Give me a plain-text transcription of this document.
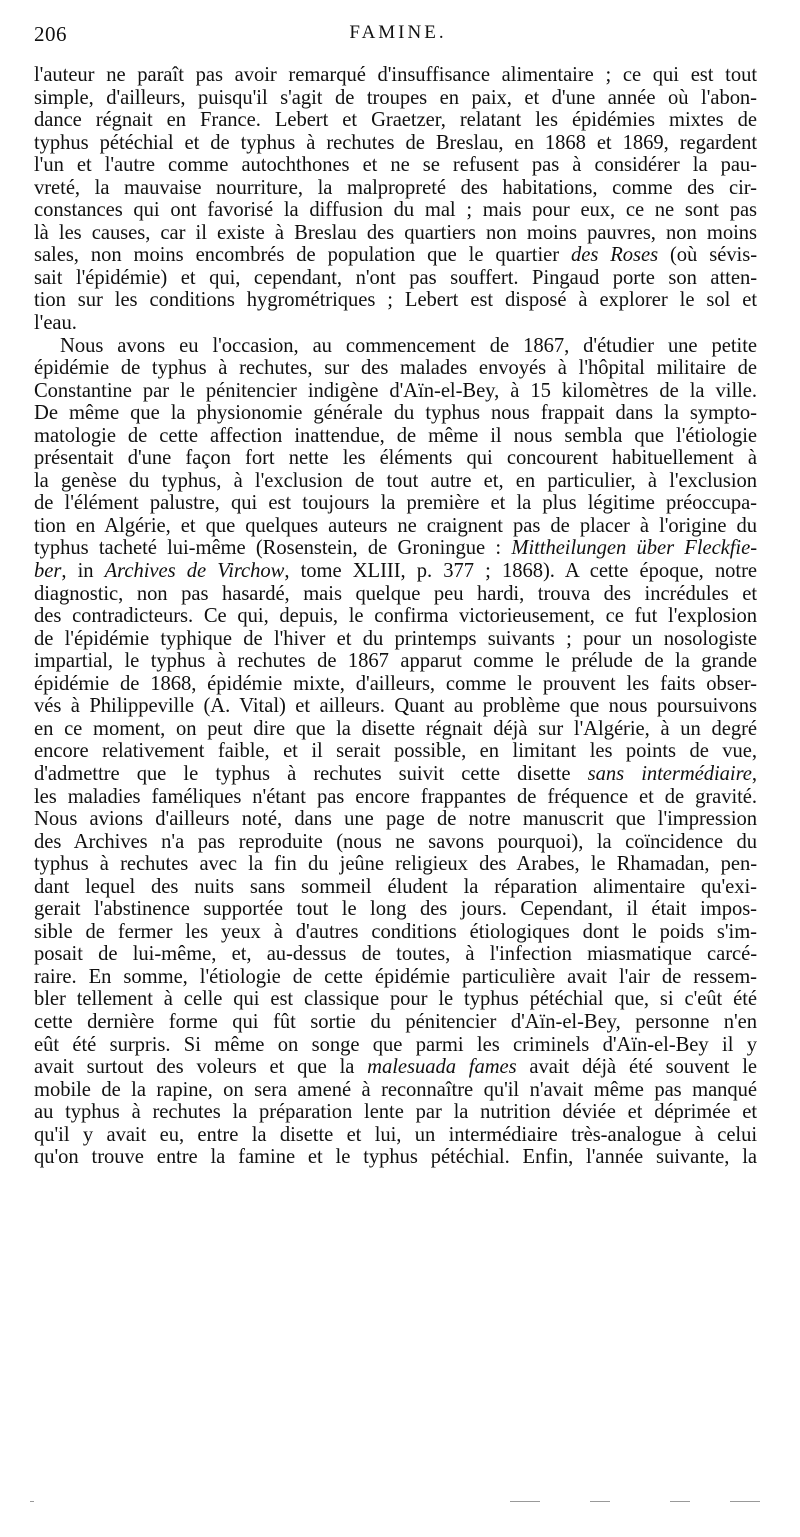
206	FAMINE.
l'auteur ne paraît pas avoir remarqué d'insuffisance alimentaire ; ce qui est tout
simple, d'ailleurs, puisqu'il s'agit de troupes en paix, et d'une année où l'abon-
dance régnait en France. Lebert et Graetzer, relatant les épidémies mixtes de
typhus pétéchial et de typhus à rechutes de Breslau, en 1868 et 1869, regardent
l'un et l'autre comme autochthones et ne se refusent pas à considérer la pau-
vreté, la mauvaise nourriture, la malpropreté des habitations, comme des cir-
constances qui ont favorisé la diffusion du mal ; mais pour eux, ce ne sont pas
là les causes, car il existe à Breslau des quartiers non moins pauvres, non moins
sales, non moins encombrés de population que le quartier des Roses (où sévis-
sait l'épidémie) et qui, cependant, n'ont pas souffert. Pingaud porte son atten-
tion sur les conditions hygrométriques ; Lebert est disposé à explorer le sol et
l'eau.
Nous avons eu l'occasion, au commencement de 1867, d'étudier une petite
épidémie de typhus à rechutes, sur des malades envoyés à l'hôpital militaire de
Constantine par le pénitencier indigène d'Aïn-el-Bey, à 15 kilomètres de la ville.
De même que la physionomie générale du typhus nous frappait dans la sympto-
matologie de cette affection inattendue, de même il nous sembla que l'étiologie
présentait d'une façon fort nette les éléments qui concourent habituellement à
la genèse du typhus, à l'exclusion de tout autre et, en particulier, à l'exclusion
de l'élément palustre, qui est toujours la première et la plus légitime préoccupa-
tion en Algérie, et que quelques auteurs ne craignent pas de placer à l'origine du
typhus tacheté lui-même (Rosenstein, de Groningue : Mittheilungen über Fleckfie-
ber, in Archives de Virchow, tome XLIII, p. 377 ; 1868). A cette époque, notre
diagnostic, non pas hasardé, mais quelque peu hardi, trouva des incrédules et
des contradicteurs. Ce qui, depuis, le confirma victorieusement, ce fut l'explosion
de l'épidémie typhique de l'hiver et du printemps suivants ; pour un nosologiste
impartial, le typhus à rechutes de 1867 apparut comme le prélude de la grande
épidémie de 1868, épidémie mixte, d'ailleurs, comme le prouvent les faits obser-
vés à Philippeville (A. Vital) et ailleurs. Quant au problème que nous poursuivons
en ce moment, on peut dire que la disette régnait déjà sur l'Algérie, à un degré
encore relativement faible, et il serait possible, en limitant les points de vue,
d'admettre que le typhus à rechutes suivit cette disette sans intermédiaire,
les maladies faméliques n'étant pas encore frappantes de fréquence et de gravité.
Nous avions d'ailleurs noté, dans une page de notre manuscrit que l'impression
des Archives n'a pas reproduite (nous ne savons pourquoi), la coïncidence du
typhus à rechutes avec la fin du jeûne religieux des Arabes, le Rhamadan, pen-
dant lequel des nuits sans sommeil éludent la réparation alimentaire qu'exi-
gerait l'abstinence supportée tout le long des jours. Cependant, il était impos-
sible de fermer les yeux à d'autres conditions étiologiques dont le poids s'im-
posait de lui-même, et, au-dessus de toutes, à l'infection miasmatique carcé-
raire. En somme, l'étiologie de cette épidémie particulière avait l'air de ressem-
bler tellement à celle qui est classique pour le typhus pétéchial que, si c'eût été
cette dernière forme qui fût sortie du pénitencier d'Aïn-el-Bey, personne n'en
eût été surpris. Si même on songe que parmi les criminels d'Aïn-el-Bey il y
avait surtout des voleurs et que la malesuada fames avait déjà été souvent le
mobile de la rapine, on sera amené à reconnaître qu'il n'avait même pas manqué
au typhus à rechutes la préparation lente par la nutrition déviée et déprimée et
qu'il y avait eu, entre la disette et lui, un intermédiaire très-analogue à celui
qu'on trouve entre la famine et le typhus pétéchial. Enfin, l'année suivante, la
